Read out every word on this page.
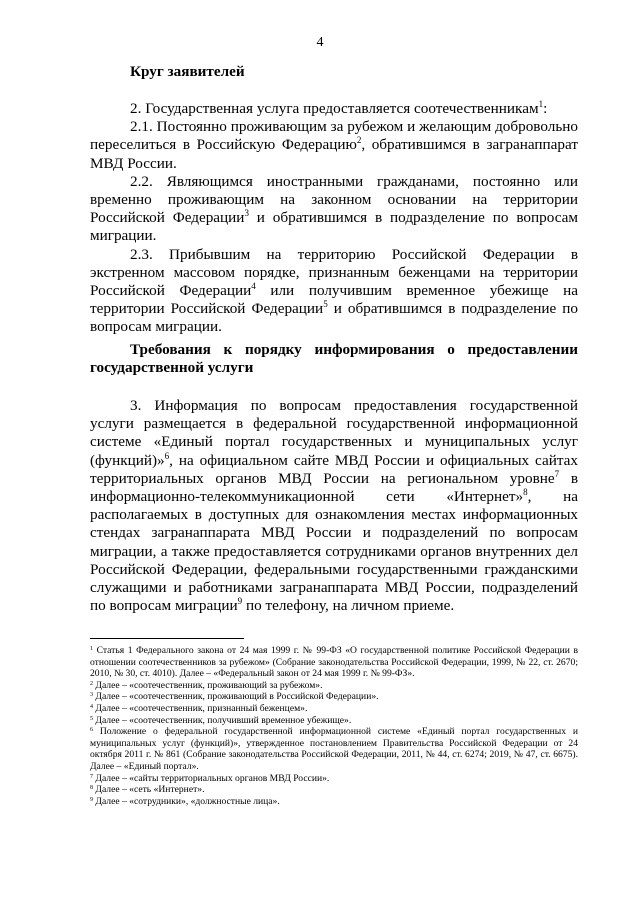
4
Круг заявителей

2. Государственная услуга предоставляется соотечественникам$^1$:

2.1. Постоянно проживающим за рубежом и желающим добровольно переселиться в Российскую Федерацию$^2$, обратившимся в загранаппарат МВД России.

2.2. Являющимся иностранными гражданами, постоянно или временно проживающим на законном основании на территории Российской Федерации$^3$ и обратившимся в подразделение по вопросам миграции.

2.3. Прибывшим на территорию Российской Федерации в экстренном массовом порядке, признанным беженцами на территории Российской Федерации$^4$ или получившим временное убежище на территории Российской Федерации$^5$ и обратившимся в подразделение по вопросам миграции.

Требования к порядку информирования о предоставлении государственной услуги

3. Информация по вопросам предоставления государственной услуги размещается в федеральной государственной информационной системе «Единый портал государственных и муниципальных услуг (функций)»$^6$, на официальном сайте МВД России и официальных сайтах территориальных органов МВД России на региональном уровне$^7$ в информационно-телекоммуникационной сети «Интернет»$^8$, на располагаемых в доступных для ознакомления местах информационных стендах загранаппарата МВД России и подразделений по вопросам миграции, а также предоставляется сотрудниками органов внутренних дел Российской Федерации, федеральными государственными гражданскими служащими и работниками загранаппарата МВД России, подразделений по вопросам миграции$^9$ по телефону, на личном приеме.

$^1$ Статья 1 Федерального закона от 24 мая 1999 г. № 99-ФЗ «О государственной политике Российской Федерации в отношении соотечественников за рубежом» (Собрание законодательства Российской Федерации, 1999, № 22, ст. 2670; 2010, № 30, ст. 4010). Далее – «Федеральный закон от 24 мая 1999 г. № 99-ФЗ».

$^2$ Далее – «соотечественник, проживающий за рубежом».

$^3$ Далее – «соотечественник, проживающий в Российской Федерации».

$^4$ Далее – «соотечественник, признанный беженцем».

$^5$ Далее – «соотечественник, получивший временное убежище».

$^6$ Положение о федеральной государственной информационной системе «Единый портал государственных и муниципальных услуг (функций)», утвержденное постановлением Правительства Российской Федерации от 24 октября 2011 г. № 861 (Собрание законодательства Российской Федерации, 2011, № 44, ст. 6274; 2019, № 47, ст. 6675). Далее – «Единый портал».

$^7$ Далее – «сайты территориальных органов МВД России».

$^8$ Далее – «сеть «Интернет».

$^9$ Далее – «сотрудники», «должностные лица».
